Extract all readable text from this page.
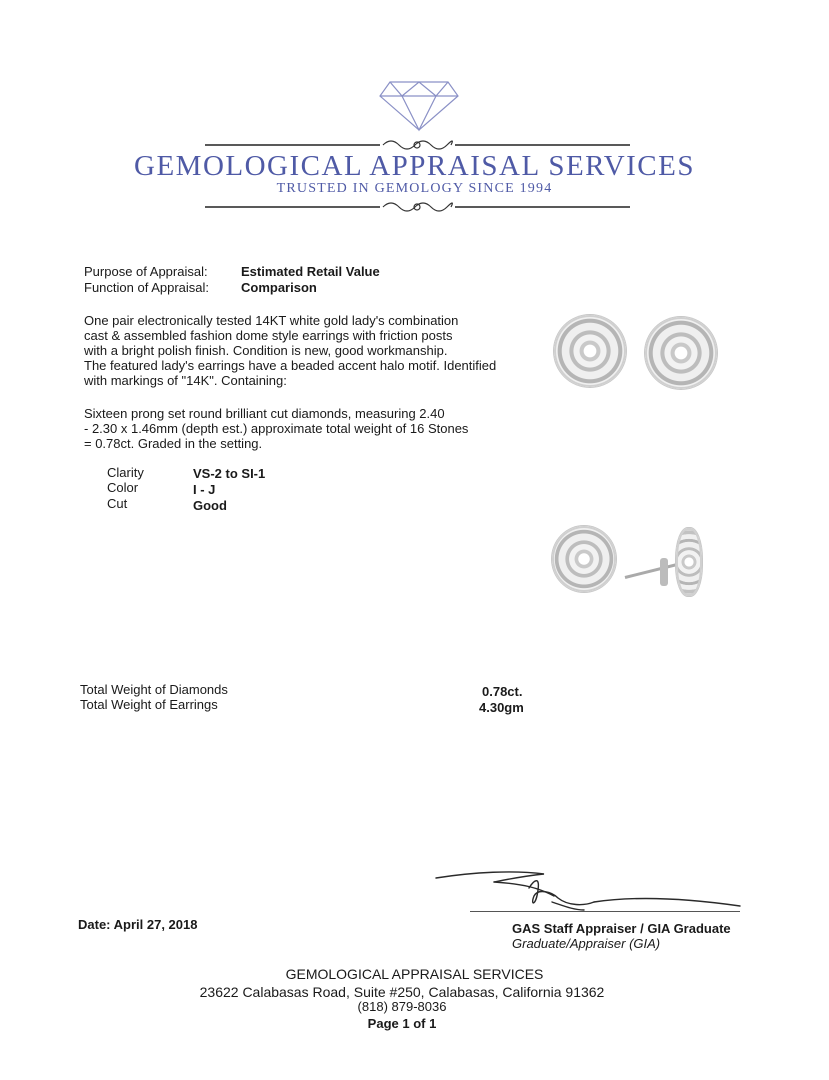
GEMOLOGICAL APPRAISAL SERVICES
TRUSTED IN GEMOLOGY SINCE 1994
Purpose of Appraisal:	Estimated Retail Value
Function of Appraisal: Comparison
One pair electronically tested 14KT white gold lady's combination
cast & assembled fashion dome style earrings with friction posts
with a bright polish finish. Condition is new, good workmanship.
The featured lady's earrings have a beaded accent halo motif. Identified
with markings of "14K". Containing:
Sixteen prong set round brilliant cut diamonds, measuring 2.40
- 2.30 x 1.46mm (depth est.) approximate total weight of 16 Stones
= 0.78ct. Graded in the setting.
Clarity	VS-2 to SI-1
Color	I - J
Cut	Good
Total Weight of Diamonds	0.78ct.
Total Weight of Earrings	4.30gm
Date: April 27, 2018	GAS Staff Appraiser / GIA Graduate
Graduate/Appraiser (GIA)
GEMOLOGICAL APPRAISAL SERVICES
23622 Calabasas Road, Suite #250, Calabasas, California 91362
(818) 879-8036
Page 1 of 1
